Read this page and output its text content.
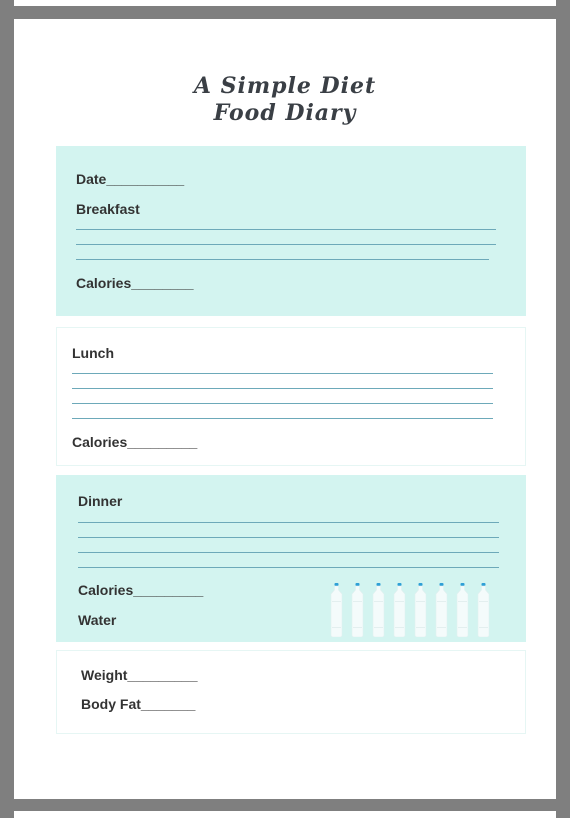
A Simple Diet
Food Diary
Date__________
Breakfast
Calories________
Lunch
Calories_________
Dinner
Calories_________
Water
Weight_________
Body Fat_______
